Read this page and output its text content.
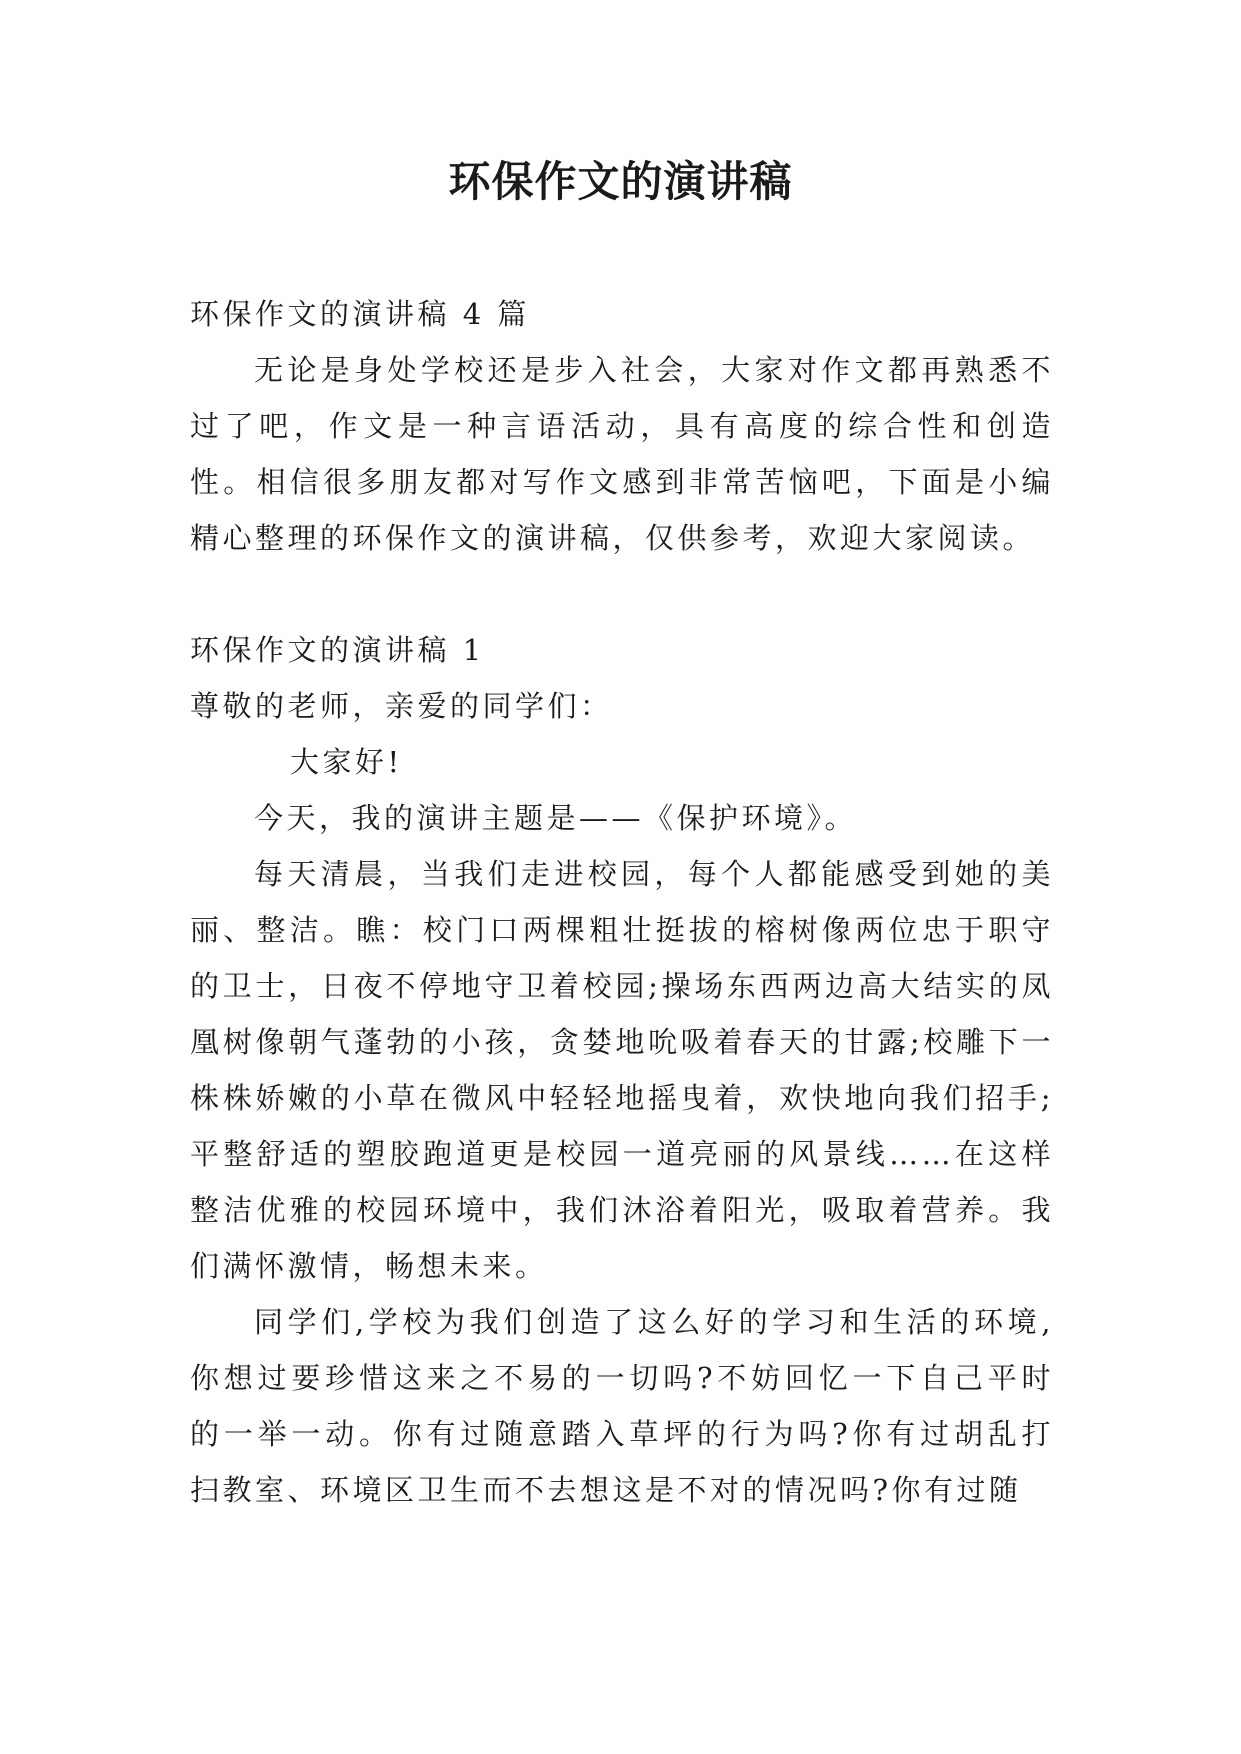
环保作文的演讲稿
环保作文的演讲稿 4 篇

无论是身处学校还是步入社会，大家对作文都再熟悉不过了吧，作文是一种言语活动，具有高度的综合性和创造性。相信很多朋友都对写作文感到非常苦恼吧，下面是小编精心整理的环保作文的演讲稿，仅供参考，欢迎大家阅读。

环保作文的演讲稿 1
尊敬的老师，亲爱的同学们：
大家好!
今天，我的演讲主题是——《保护环境》。

每天清晨，当我们走进校园，每个人都能感受到她的美丽、整洁。瞧：校门口两棵粗壮挺拔的榕树像两位忠于职守的卫士，日夜不停地守卫着校园;操场东西两边高大结实的凤凰树像朝气蓬勃的小孩，贪婪地吮吸着春天的甘露;校雕下一株株娇嫩的小草在微风中轻轻地摇曳着，欢快地向我们招手;平整舒适的塑胶跑道更是校园一道亮丽的风景线……在这样整洁优雅的校园环境中，我们沐浴着阳光，吸取着营养。我们满怀激情，畅想未来。

同学们,学校为我们创造了这么好的学习和生活的环境,你想过要珍惜这来之不易的一切吗?不妨回忆一下自己平时的一举一动。你有过随意踏入草坪的行为吗?你有过胡乱打扫教室、环境区卫生而不去想这是不对的情况吗?你有过随
